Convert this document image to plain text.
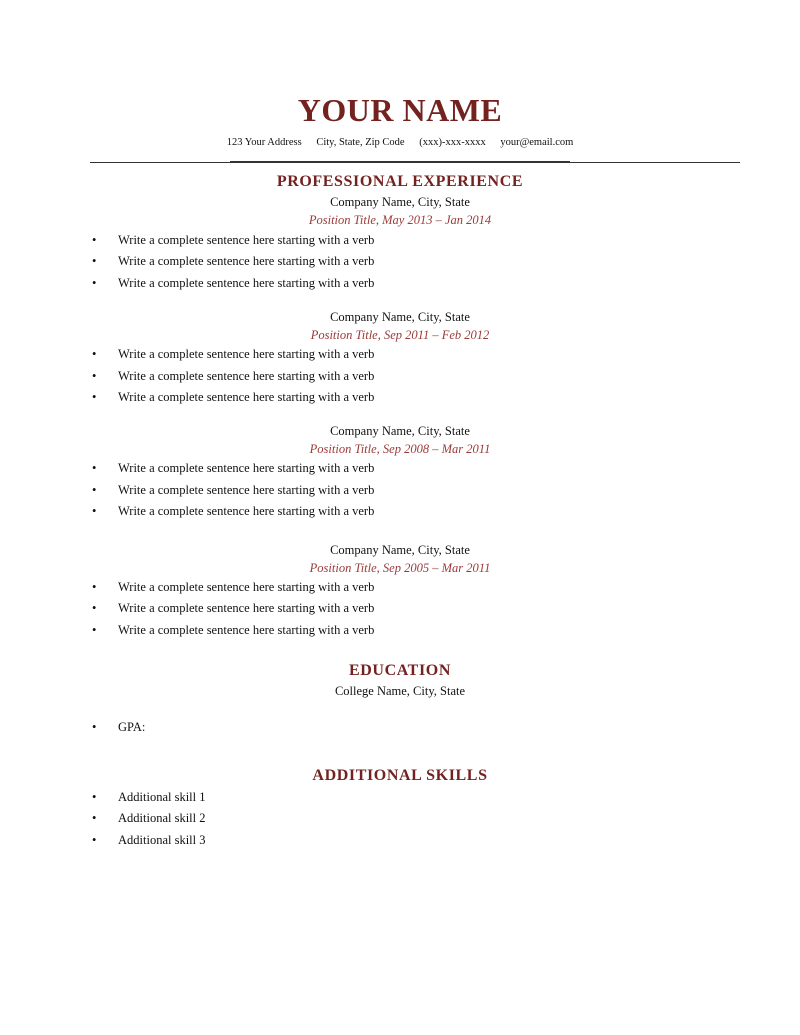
YOUR NAME
123 Your Address City, State, Zip Code (xxx)-xxx-xxxx your@email.com
PROFESSIONAL EXPERIENCE
Company Name, City, State
Position Title, May 2013 – Jan 2014
• Write a complete sentence here starting with a verb
• Write a complete sentence here starting with a verb
• Write a complete sentence here starting with a verb
Company Name, City, State
Position Title, Sep 2011 – Feb 2012
• Write a complete sentence here starting with a verb
• Write a complete sentence here starting with a verb
• Write a complete sentence here starting with a verb
Company Name, City, State
Position Title, Sep 2008 – Mar 2011
• Write a complete sentence here starting with a verb
• Write a complete sentence here starting with a verb
• Write a complete sentence here starting with a verb
Company Name, City, State
Position Title, Sep 2005 – Mar 2011
• Write a complete sentence here starting with a verb
• Write a complete sentence here starting with a verb
• Write a complete sentence here starting with a verb
EDUCATION
College Name, City, State
• GPA:
ADDITIONAL SKILLS
• Additional skill 1
• Additional skill 2
• Additional skill 3
